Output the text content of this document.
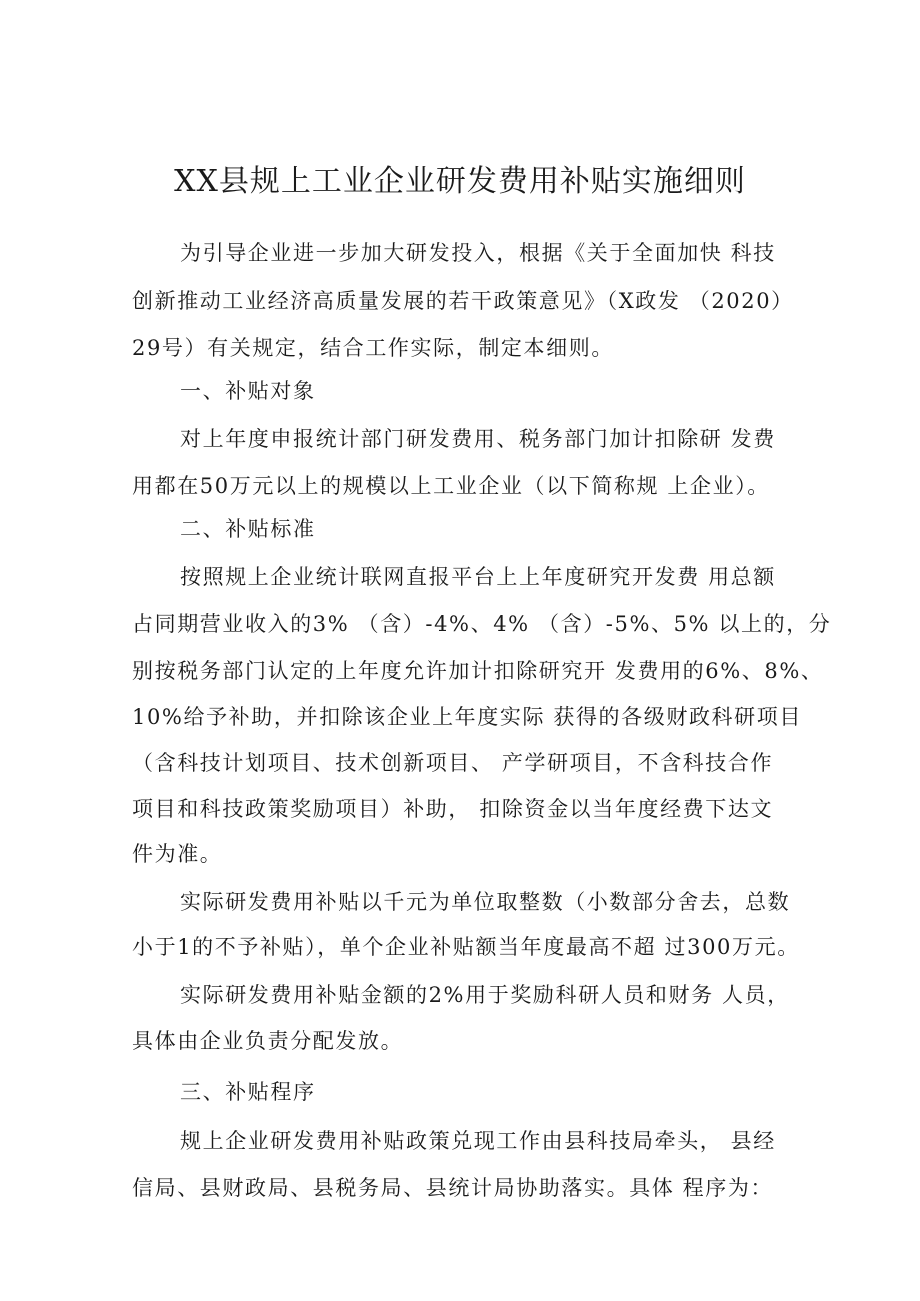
XX县规上工业企业研发费用补贴实施细则
为引导企业进一步加大研发投入，根据《关于全面加快 科技
创新推动工业经济高质量发展的若干政策意见》（X政发 （2020）
29号）有关规定，结合工作实际，制定本细则。
一、补贴对象
对上年度申报统计部门研发费用、税务部门加计扣除研 发费
用都在50万元以上的规模以上工业企业（以下简称规 上企业）。
二、补贴标准
按照规上企业统计联网直报平台上上年度研究开发费 用总额
占同期营业收入的3% （含）-4%、4% （含）-5%、5% 以上的，分
别按税务部门认定的上年度允许加计扣除研究开 发费用的6%、8%、
10%给予补助，并扣除该企业上年度实际 获得的各级财政科研项目
（含科技计划项目、技术创新项目、 产学研项目，不含科技合作
项目和科技政策奖励项目）补助， 扣除资金以当年度经费下达文
件为准。
实际研发费用补贴以千元为单位取整数（小数部分舍去，总数
小于1的不予补贴），单个企业补贴额当年度最高不超 过300万元。
实际研发费用补贴金额的2%用于奖励科研人员和财务 人员，
具体由企业负责分配发放。
三、补贴程序
规上企业研发费用补贴政策兑现工作由县科技局牵头， 县经
信局、县财政局、县税务局、县统计局协助落实。具体 程序为：
